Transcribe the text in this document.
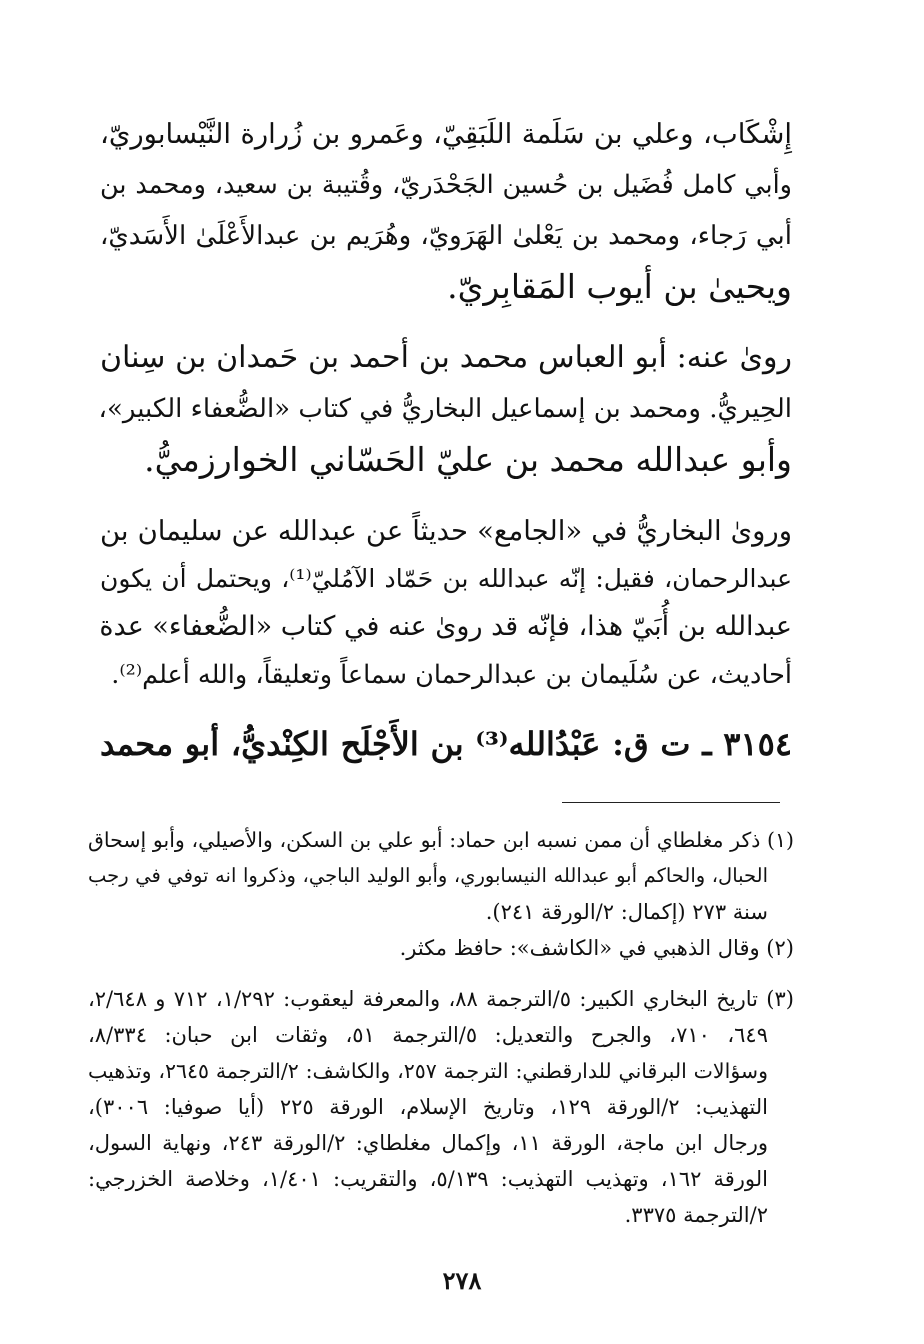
إِشْكَاب، وعلي بن سَلَمة اللَبَقِيّ، وعَمرو بن زُرارة النَّيْسابوريّ،
وأبي كامل فُضَيل بن حُسين الجَحْدَريّ، وقُتيبة بن سعيد، ومحمد بن
أبي رَجاء، ومحمد بن يَعْلىٰ الهَرَويّ، وهُرَيم بن عبدالأَعْلَىٰ الأَسَديّ،
ويحيىٰ بن أيوب المَقابِريّ.
رویٰ عنه: أبو العباس محمد بن أحمد بن حَمدان بن سِنان
الحِيريُّ. ومحمد بن إسماعيل البخاريُّ في كتاب «الضُّعفاء الكبير»،
وأبو عبدالله محمد بن عليّ الحَسّاني الخوارزميُّ.
وروىٰ البخاريُّ في «الجامع» حديثاً عن عبدالله عن سليمان بن
عبدالرحمان، فقيل: إنّه عبدالله بن حَمّاد الآمُليّ⁽¹⁾، ويحتمل أن يكون
عبدالله بن أُبَيّ هذا، فإنّه قد روىٰ عنه في كتاب «الضُّعفاء» عدة
أحاديث، عن سُلَيمان بن عبدالرحمان سماعاً وتعليقاً، والله أعلم⁽²⁾.
٣١٥٤ ـ ت ق: عَبْدُالله⁽³⁾ بن الأَجْلَح الكِنْديُّ، أبو محمد
(١) ذكر مغلطاي أن ممن نسبه ابن حماد: أبو علي بن السكن، والأصيلي، وأبو إسحاق
الحبال، والحاكم أبو عبدالله النيسابوري، وأبو الوليد الباجي، وذكروا انه توفي في رجب
سنة ٢٧٣ (إكمال: ٢/الورقة ٢٤١).
(٢) وقال الذهبي في «الكاشف»: حافظ مكثر.
(٣) تاريخ البخاري الكبير: ٥/الترجمة ٨٨، والمعرفة ليعقوب: ١/٢٩٢، ٧١٢ و ٢/٦٤٨،
٦٤٩، ٧١٠، والجرح والتعديل: ٥/الترجمة ٥١، وثقات ابن حبان: ٨/٣٣٤،
وسؤالات البرقاني للدارقطني: الترجمة ٢٥٧، والكاشف: ٢/الترجمة ٢٦٤٥، وتذهيب
التهذيب: ٢/الورقة ١٢٩، وتاريخ الإسلام، الورقة ٢٢٥ (أيا صوفيا: ٣٠٠٦)،
ورجال ابن ماجة، الورقة ١١، وإكمال مغلطاي: ٢/الورقة ٢٤٣، ونهاية السول،
الورقة ١٦٢، وتهذيب التهذيب: ٥/١٣٩، والتقريب: ١/٤٠١، وخلاصة الخزرجي:
٢/الترجمة ٣٣٧٥.
٢٧٨
